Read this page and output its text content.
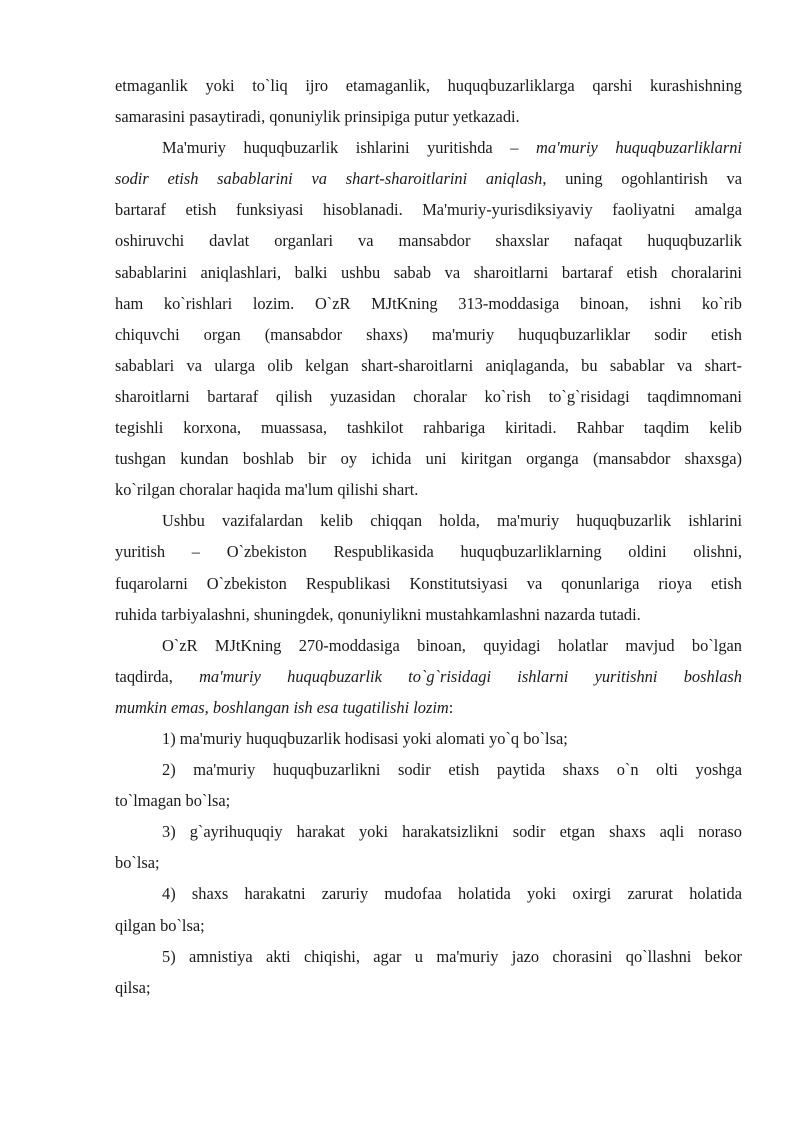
etmaganlik yoki to`liq ijro etamaganlik, huquqbuzarliklarga qarshi kurashishning
samarasini pasaytiradi, qonuniylik prinsipiga putur yetkazadi.
Ma'muriy huquqbuzarlik ishlarini yuritishda – ma'muriy huquqbuzarliklarni
sodir etish sabablarini va shart-sharoitlarini aniqlash, uning ogohlantirish va
bartaraf etish funksiyasi hisoblanadi. Ma'muriy-yurisdiksiyaviy faoliyatni amalga
oshiruvchi davlat organlari va mansabdor shaxslar nafaqat huquqbuzarlik
sabablarini aniqlashlari, balki ushbu sabab va sharoitlarni bartaraf etish choralarini
ham ko`rishlari lozim. O`zR MJtKning 313-moddasiga binoan, ishni ko`rib
chiquvchi organ (mansabdor shaxs) ma'muriy huquqbuzarliklar sodir etish
sabablari va ularga olib kelgan shart-sharoitlarni aniqlaganda, bu sabablar va shart-
sharoitlarni bartaraf qilish yuzasidan choralar ko`rish to`g`risidagi taqdimnomani
tegishli korxona, muassasa, tashkilot rahbariga kiritadi. Rahbar taqdim kelib
tushgan kundan boshlab bir oy ichida uni kiritgan organga (mansabdor shaxsga)
ko`rilgan choralar haqida ma'lum qilishi shart.
Ushbu vazifalardan kelib chiqqan holda, ma'muriy huquqbuzarlik ishlarini
yuritish – O`zbekiston Respublikasida huquqbuzarliklarning oldini olishni,
fuqarolarni O`zbekiston Respublikasi Konstitutsiyasi va qonunlariga rioya etish
ruhida tarbiyalashni, shuningdek, qonuniylikni mustahkamlashni nazarda tutadi.
O`zR MJtKning 270-moddasiga binoan, quyidagi holatlar mavjud bo`lgan
taqdirda, ma'muriy huquqbuzarlik to`g`risidagi ishlarni yuritishni boshlash
mumkin emas, boshlangan ish esa tugatilishi lozim:
1) ma'muriy huquqbuzarlik hodisasi yoki alomati yo`q bo`lsa;
2) ma'muriy huquqbuzarlikni sodir etish paytida shaxs o`n olti yoshga
to`lmagan bo`lsa;
3) g`ayrihuquqiy harakat yoki harakatsizlikni sodir etgan shaxs aqli noraso
bo`lsa;
4) shaxs harakatni zaruriy mudofaa holatida yoki oxirgi zarurat holatida
qilgan bo`lsa;
5) amnistiya akti chiqishi, agar u ma'muriy jazo chorasini qo`llashni bekor
qilsa;
